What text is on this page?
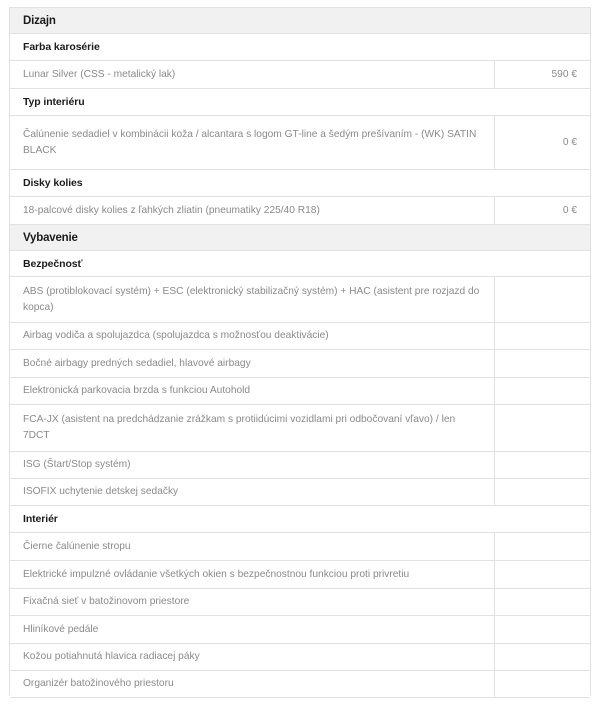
Dizajn
Farba karosérie
Lunar Silver (CSS - metalický lak)	590 €
Typ interiéru
Čalúnenie sedadiel v kombinácii koža / alcantara s logom GT-line a šedým prešívaním - (WK) SATIN BLACK
0 €
Disky kolies
18-palcové disky kolies z ľahkých zliatin (pneumatiky 225/40 R18)	0 €
Vybavenie
Bezpečnosť
ABS (protiblokovací systém) + ESC (elektronický stabilizačný systém) + HAC (asistent pre rozjazd do kopca)
Airbag vodiča a spolujazdca (spolujazdca s možnosťou deaktivácie)
Bočné airbagy predných sedadiel, hlavové airbagy
Elektronická parkovacia brzda s funkciou Autohold
FCA-JX (asistent na predchádzanie zrážkam s protiidúcimi vozidlami pri odbočovaní vľavo) / len 7DCT
ISG (Štart/Stop systém)
ISOFIX uchytenie detskej sedačky
Interiér
Čierne čalúnenie stropu
Elektrické impulzné ovládanie všetkých okien s bezpečnostnou funkciou proti privretiu
Fixačná sieť v batožinovom priestore
Hliníkové pedále
Kožou potiahnutá hlavica radiacej páky
Organizér batožinového priestoru
